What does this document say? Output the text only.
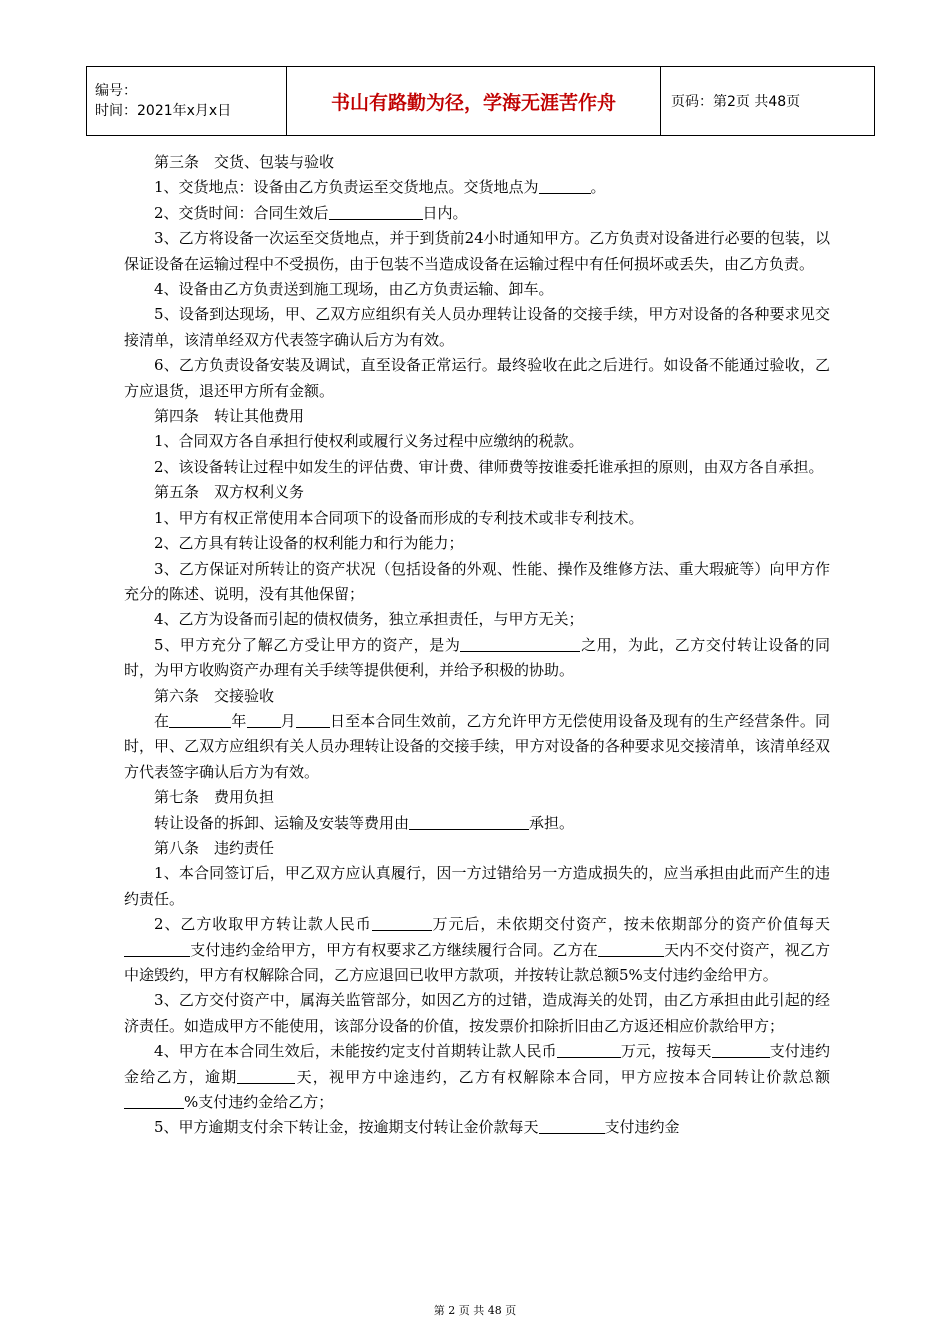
编号：
时间：2021年x月x日	书山有路勤为径，学海无涯苦作舟	页码：第2页 共48页

第三条　交货、包装与验收

1、交货地点：设备由乙方负责运至交货地点。交货地点为	。

2、交货时间：合同生效后	日内。

3、乙方将设备一次运至交货地点，并于到货前24小时通知甲方。乙方负责对设备进行必要的包装，以保证设备在运输过程中不受损伤，由于包装不当造成设备在运输过程中有任何损坏或丢失，由乙方负责。

4、设备由乙方负责送到施工现场，由乙方负责运输、卸车。

5、设备到达现场，甲、乙双方应组织有关人员办理转让设备的交接手续，甲方对设备的各种要求见交接清单，该清单经双方代表签字确认后方为有效。

6、乙方负责设备安装及调试，直至设备正常运行。最终验收在此之后进行。如设备不能通过验收，乙方应退货，退还甲方所有金额。

第四条　转让其他费用

1、合同双方各自承担行使权利或履行义务过程中应缴纳的税款。

2、该设备转让过程中如发生的评估费、审计费、律师费等按谁委托谁承担的原则，由双方各自承担。

第五条　双方权利义务

1、甲方有权正常使用本合同项下的设备而形成的专利技术或非专利技术。

2、乙方具有转让设备的权利能力和行为能力；

3、乙方保证对所转让的资产状况（包括设备的外观、性能、操作及维修方法、重大瑕疵等）向甲方作充分的陈述、说明，没有其他保留；

4、乙方为设备而引起的债权债务，独立承担责任，与甲方无关；

5、甲方充分了解乙方受让甲方的资产，是为	之用，为此，乙方交付转让设备的同时，为甲方收购资产办理有关手续等提供便利，并给予积极的协助。

第六条　交接验收

在	年 月 日至本合同生效前，乙方允许甲方无偿使用设备及现有的生产经营条件。同时，甲、乙双方应组织有关人员办理转让设备的交接手续，甲方对设备的各种要求见交接清单，该清单经双方代表签字确认后方为有效。

第七条　费用负担

转让设备的拆卸、运输及安装等费用由	承担。

第八条　违约责任

1、本合同签订后，甲乙双方应认真履行，因一方过错给另一方造成损失的，应当承担由此而产生的违约责任。

2、乙方收取甲方转让款人民币	万元后，未依期交付资产，按未依期部分的资产价值每天支付违约金给甲方，甲方有权要求乙方继续履行合同。乙方在	天内不交付资产，视乙方中途毁约，甲方有权解除合同，乙方应退回已收甲方款项，并按转让款总额5%支付违约金给甲方。

3、乙方交付资产中，属海关监管部分，如因乙方的过错，造成海关的处罚，由乙方承担由此引起的经济责任。如造成甲方不能使用，该部分设备的价值，按发票价扣除折旧由乙方返还相应价款给甲方；

4、甲方在本合同生效后，未能按约定支付首期转让款人民币	万元，按每天	支付违约金给乙方，逾期	天，视甲方中途违约，乙方有权解除本合同，甲方应按本合同转让价款总额%支付违约金给乙方；

5、甲方逾期支付余下转让金，按逾期支付转让金价款每天	支付违约金

第 2 页 共 48 页
